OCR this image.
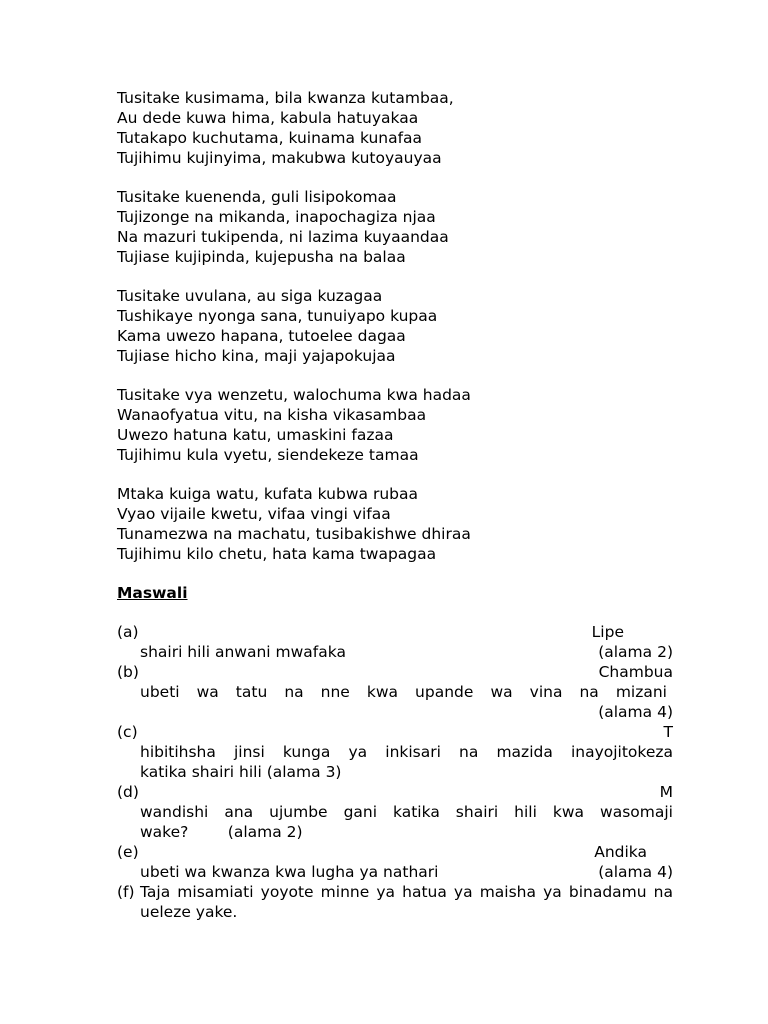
Tusitake kusimama, bila kwanza kutambaa,
Au dede kuwa hima, kabula hatuyakaa
Tutakapo kuchutama, kuinama kunafaa
Tujihimu kujinyima, makubwa kutoyauyaa
Tusitake kuenenda, guli lisipokomaa
Tujizonge na mikanda, inapochagiza njaa
Na mazuri tukipenda, ni lazima kuyaandaa
Tujiase kujipinda, kujepusha na balaa
Tusitake uvulana, au siga kuzagaa
Tushikaye nyonga sana, tunuiyapo kupaa
Kama uwezo hapana, tutoelee dagaa
Tujiase hicho kina, maji yajapokujaa
Tusitake vya wenzetu, walochuma kwa hadaa
Wanaofyatua vitu, na kisha vikasambaa
Uwezo hatuna katu, umaskini fazaa
Tujihimu kula vyetu, siendekeze tamaa
Mtaka kuiga watu, kufata kubwa rubaa
Vyao vijaile kwetu, vifaa vingi vifaa
Tunamezwa na machatu, tusibakishwe dhiraa
Tujihimu kilo chetu, hata kama twapagaa
Maswali
(a)	Lipe
shairi hili anwani mwafaka	(alama 2)
(b)	Chambua
ubeti wa tatu na nne kwa upande wa vina na mizani
(alama 4)
(c)	T
hibitihsha jinsi kunga ya inkisari na mazida inayojitokeza
katika shairi hili (alama 3)
(d)	M
wandishi ana ujumbe gani katika shairi hili kwa wasomaji
wake?        (alama 2)
(e)	Andika
ubeti wa kwanza kwa lugha ya nathari	(alama 4)
(f) Taja misamiati yoyote minne ya hatua ya maisha ya binadamu na ueleze yake.
